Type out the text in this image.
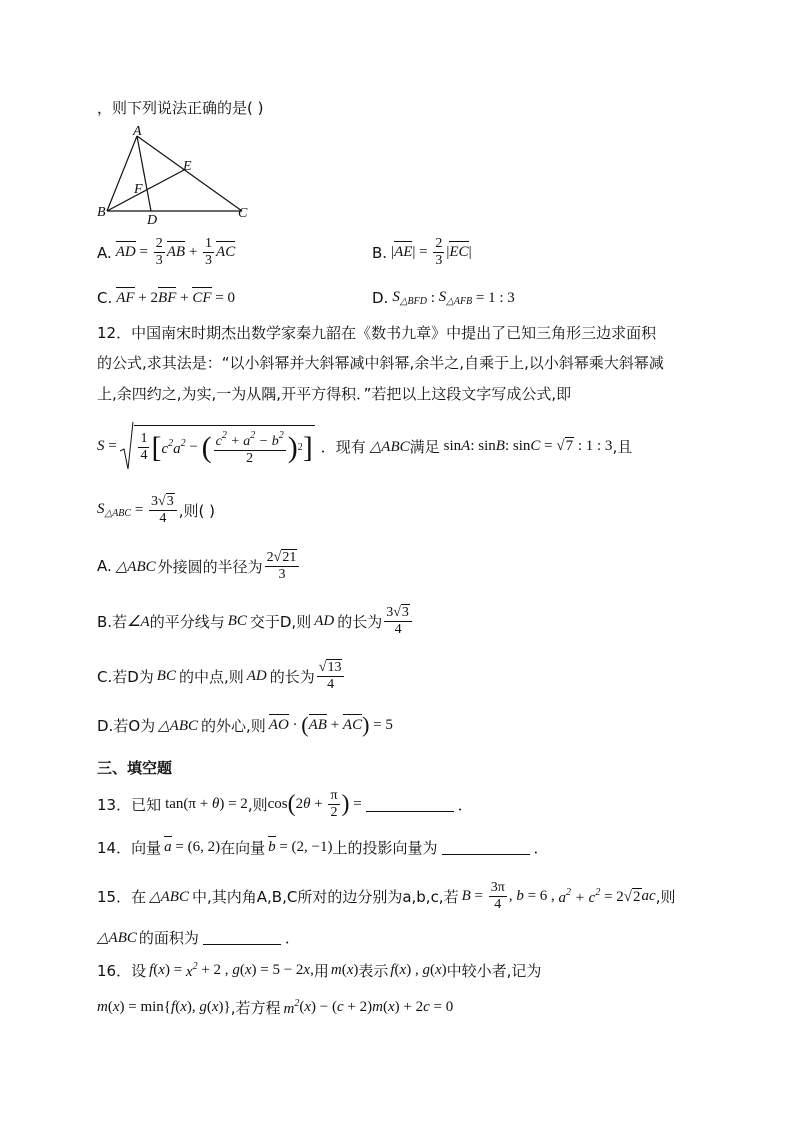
，则下列说法正确的是( )
A
B	C
D
E
F
A. AD = $\frac{2}{3}$ AB + $\frac{1}{3}$ AC	B. | AE | = $\frac{2}{3}$ | EC |
C. AF + 2 BF + CF = 0	D. $S_{\triangle BFD}$ : $S_{\triangle AFB} = 1$ : 3
12． 中国南宋时期杰出数学家秦九韶在《数书九章》中提出了已知三角形三边求面积
的公式,求其法是：“以小斜幂并大斜幂减中斜幂,余半之,自乘于上,以小斜幂乘大斜幂减
上,余四约之,为实,一为从隅,开平方得积．”若把以上这段文字写成公式,即
$S = \frac{1}{4}$ [ $c^2a^2$ − ( $\frac{c^2 + a^2 - b^2}{2}$ ) 2 ] ．现有 △ABC 满足 sin A : sin B : sin C = √ 7 : 1 : 3 ,且
$S_{\triangle ABC} = \frac{3√3}{4}$ ,则( )
A. △ABC 外接圆的半径为 $\frac{2√21}{3}$
B.若 ∠A 的平分线与 BC 交于D,则 AD 的长为 $\frac{3√3}{4}$
C.若D为 BC 的中点,则 AD 的长为 $\frac{√13}{4}$
D.若O为 △ABC 的外心,则 AO · ( AB + AC ) = 5
三、填空题
13． 已知 tan(π + θ ) = 2 ,则 cos ( 2 $\theta + \frac{\pi}{2}$ ) =	．
14． 向量 a = (6, 2) 在向量 b = (2, −1) 上的投影向量为	．
15． 在 △ABC 中,其内角A,B,C所对的边分别为a,b,c,若 $B = \frac{3\pi}{4}$ , b = 6 , $a^2 + c^2 = 2√2$ ac ,则
△ABC 的面积为	．
16． 设 f ( x ) = $x^2 + 2$ , g ( x ) = 5 − 2 x , 用 m ( x ) 表示 f ( x ) , g ( x ) 中较小者,记为
m ( x ) = min{ f ( x ), g ( x )} ,若方程 $m^2$ ( x ) − ( c + 2) m ( x ) + 2 c = 0
